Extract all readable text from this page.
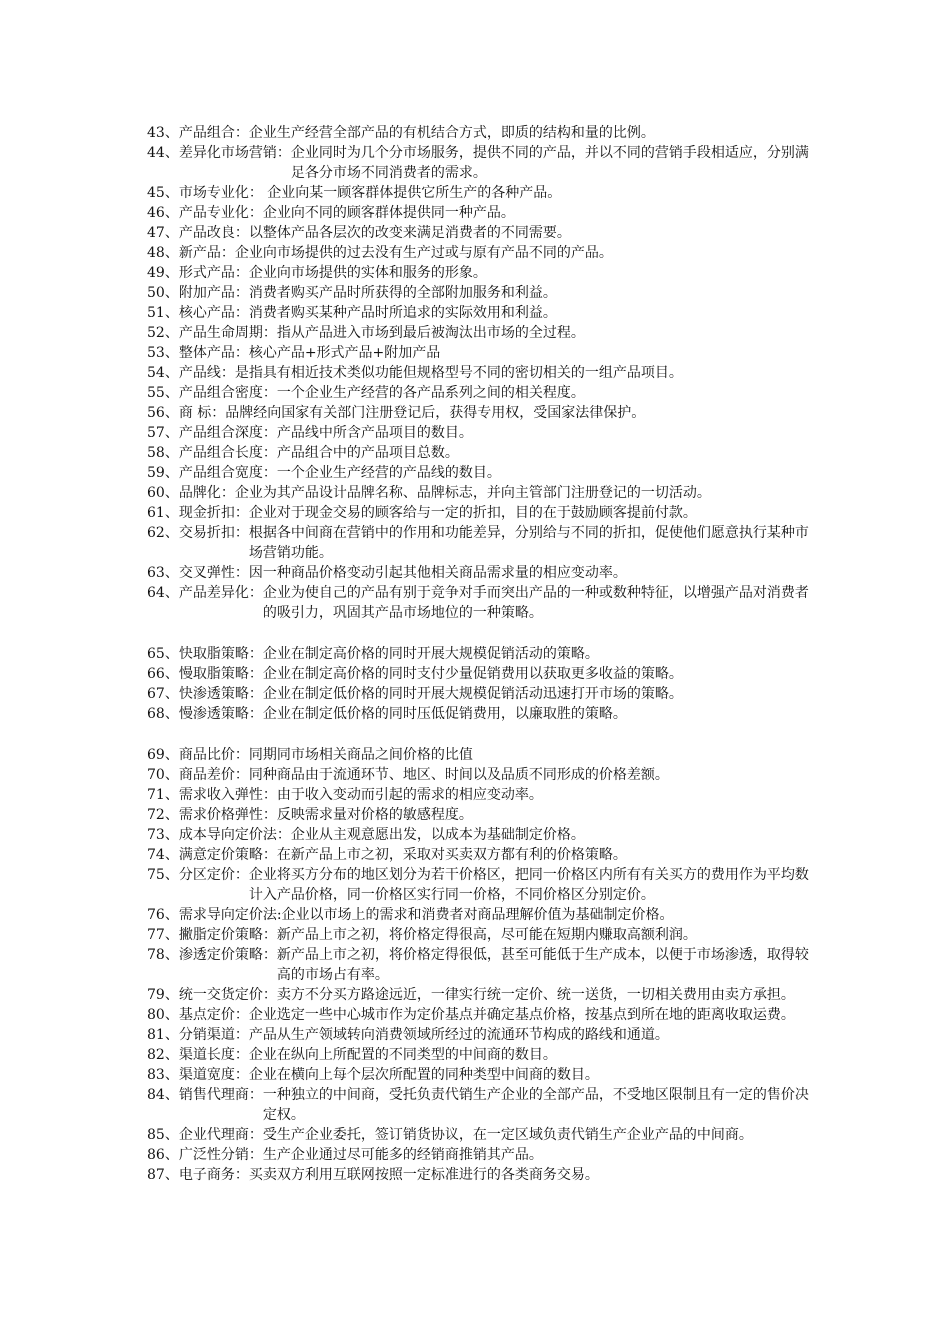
43、 产品组合：企业生产经营全部产品的有机结合方式，即质的结构和量的比例。
44、 差异化市场营销：企业同时为几个分市场服务，提供不同的产品，并以不同的营销手段相适应，分别满足各分市场不同消费者的需求。
45、 市场专业化： 企业向某一顾客群体提供它所生产的各种产品。
46、 产品专业化：企业向不同的顾客群体提供同一种产品。
47、 产品改良：以整体产品各层次的改变来满足消费者的不同需要。
48、 新产品：企业向市场提供的过去没有生产过或与原有产品不同的产品。
49、 形式产品：企业向市场提供的实体和服务的形象。
50、 附加产品：消费者购买产品时所获得的全部附加服务和利益。
51、 核心产品：消费者购买某种产品时所追求的实际效用和利益。
52、 产品生命周期：指从产品进入市场到最后被淘汰出市场的全过程。
53、 整体产品：核心产品+形式产品+附加产品
54、 产品线：是指具有相近技术类似功能但规格型号不同的密切相关的一组产品项目。
55、 产品组合密度：一个企业生产经营的各产品系列之间的相关程度。
56、 商 标：品牌经向国家有关部门注册登记后，获得专用权，受国家法律保护。
57、 产品组合深度：产品线中所含产品项目的数目。
58、 产品组合长度：产品组合中的产品项目总数。
59、 产品组合宽度：一个企业生产经营的产品线的数目。
60、 品牌化：企业为其产品设计品牌名称、品牌标志，并向主管部门注册登记的一切活动。
61、 现金折扣：企业对于现金交易的顾客给与一定的折扣，目的在于鼓励顾客提前付款。
62、 交易折扣：根据各中间商在营销中的作用和功能差异，分别给与不同的折扣，促使他们愿意执行某种市场营销功能。
63、 交叉弹性：因一种商品价格变动引起其他相关商品需求量的相应变动率。
64、 产品差异化：企业为使自己的产品有别于竞争对手而突出产品的一种或数种特征，以增强产品对消费者的吸引力，巩固其产品市场地位的一种策略。
65、 快取脂策略：企业在制定高价格的同时开展大规模促销活动的策略。
66、 慢取脂策略：企业在制定高价格的同时支付少量促销费用以获取更多收益的策略。
67、 快渗透策略：企业在制定低价格的同时开展大规模促销活动迅速打开市场的策略。
68、 慢渗透策略：企业在制定低价格的同时压低促销费用，以廉取胜的策略。
69、 商品比价：同期同市场相关商品之间价格的比值
70、 商品差价：同种商品由于流通环节、地区、时间以及品质不同形成的价格差额。
71、 需求收入弹性：由于收入变动而引起的需求的相应变动率。
72、 需求价格弹性：反映需求量对价格的敏感程度。
73、 成本导向定价法：企业从主观意愿出发，以成本为基础制定价格。
74、 满意定价策略：在新产品上市之初，采取对买卖双方都有利的价格策略。
75、 分区定价：企业将买方分布的地区划分为若干价格区，把同一价格区内所有有关买方的费用作为平均数计入产品价格，同一价格区实行同一价格，不同价格区分别定价。
76、 需求导向定价法:企业以市场上的需求和消费者对商品理解价值为基础制定价格。
77、 撇脂定价策略：新产品上市之初，将价格定得很高，尽可能在短期内赚取高额利润。
78、 渗透定价策略：新产品上市之初，将价格定得很低，甚至可能低于生产成本，以便于市场渗透，取得较高的市场占有率。
79、 统一交货定价：卖方不分买方路途远近，一律实行统一定价、统一送货，一切相关费用由卖方承担。
80、 基点定价：企业选定一些中心城市作为定价基点并确定基点价格，按基点到所在地的距离收取运费。
81、 分销渠道：产品从生产领域转向消费领域所经过的流通环节构成的路线和通道。
82、 渠道长度：企业在纵向上所配置的不同类型的中间商的数目。
83、 渠道宽度：企业在横向上每个层次所配置的同种类型中间商的数目。
84、 销售代理商：一种独立的中间商，受托负责代销生产企业的全部产品，不受地区限制且有一定的售价决定权。
85、 企业代理商：受生产企业委托，签订销货协议，在一定区域负责代销生产企业产品的中间商。
86、 广泛性分销：生产企业通过尽可能多的经销商推销其产品。
87、 电子商务：买卖双方利用互联网按照一定标准进行的各类商务交易。
